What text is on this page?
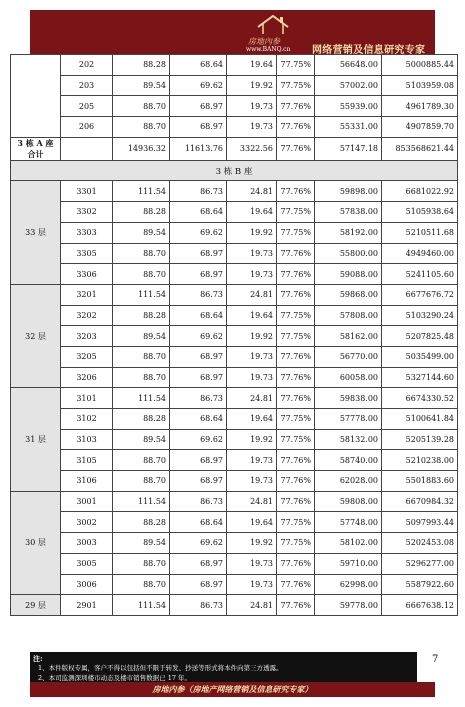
房地內参
www.BANQ.cn 网络营销及信息研究专家
	202	88.28	68.64	19.64	77.75%	56648.00	5000885.44
	203	89.54	69.62	19.92	77.75%	57002.00	5103959.08
	205	88.70	68.97	19.73	77.76%	55939.00	4961789.30
	206	88.70	68.97	19.73	77.76%	55331.00	4907859.70
3 栋 A 座合计		14936.32	11613.76	3322.56	77.76%	57147.18	853568621.44
3 栋 B 座							
33 层	3301	111.54	86.73	24.81	77.76%	59898.00	6681022.92
	3302	88.28	68.64	19.64	77.75%	57838.00	5105938.64
	3303	89.54	69.62	19.92	77.75%	58192.00	5210511.68
	3305	88.70	68.97	19.73	77.76%	55800.00	4949460.00
	3306	88.70	68.97	19.73	77.76%	59088.00	5241105.60
32 层	3201	111.54	86.73	24.81	77.76%	59868.00	6677676.72
	3202	88.28	68.64	19.64	77.75%	57808.00	5103290.24
	3203	89.54	69.62	19.92	77.75%	58162.00	5207825.48
	3205	88.70	68.97	19.73	77.76%	56770.00	5035499.00
	3206	88.70	68.97	19.73	77.76%	60058.00	5327144.60
31 层	3101	111.54	86.73	24.81	77.76%	59838.00	6674330.52
	3102	88.28	68.64	19.64	77.75%	57778.00	5100641.84
	3103	89.54	69.62	19.92	77.75%	58132.00	5205139.28
	3105	88.70	68.97	19.73	77.76%	58740.00	5210238.00
	3106	88.70	68.97	19.73	77.76%	62028.00	5501883.60
30 层	3001	111.54	86.73	24.81	77.76%	59808.00	6670984.32
	3002	88.28	68.64	19.64	77.75%	57748.00	5097993.44
	3003	89.54	69.62	19.92	77.75%	58102.00	5202453.08
	3005	88.70	68.97	19.73	77.76%	59710.00	5296277.00
	3006	88.70	68.97	19.73	77.76%	62998.00	5587922.60
29 层	2901	111.54	86.73	24.81	77.76%	59778.00	6667638.12
注:
1、本件版权专属，客户不得以包括但不限于转发、抄送等形式将本件向第三方透露。
2、本司监测深圳楼市动态及楼市销售数据已 17 年。
7
房地内参（房地产网络营销及信息研究专家）
